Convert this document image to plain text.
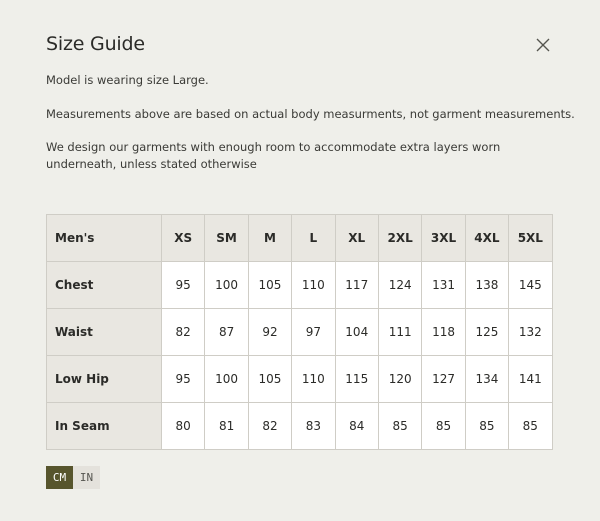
Size Guide

Model is wearing size Large.

Measurements above are based on actual body measurments, not garment measurements.

We design our garments with enough room to accommodate extra layers worn underneath, unless stated otherwise

Men's	XS	SM	M	L	XL	2XL	3XL	4XL	5XL
Chest	95	100	105	110	117	124	131	138	145
Waist	82	87	92	97	104	111	118	125	132
Low Hip	95	100	105	110	115	120	127	134	141
In Seam	80	81	82	83	84	85	85	85	85
CM	IN
